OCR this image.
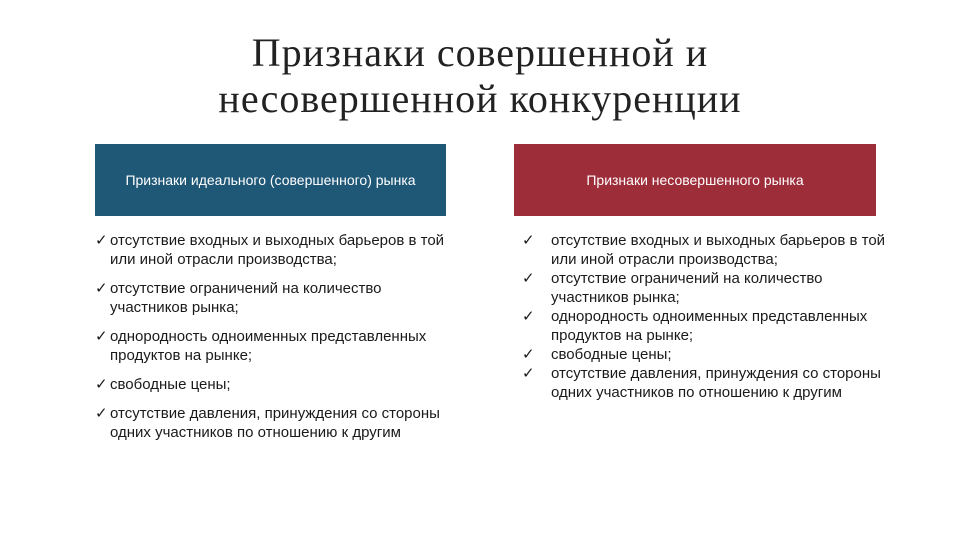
Признаки совершенной и
несовершенной конкуренции
Признаки идеального (совершенного) рынка	Признаки несовершенного рынка
✓ отсутствие входных и выходных барьеров в той или иной отрасли производства;
✓ отсутствие ограничений на количество участников рынка;
✓ однородность одноименных представленных продуктов на рынке;
✓ свободные цены;
✓ отсутствие давления, принуждения со стороны одних участников по отношению к другим
✓ отсутствие входных и выходных барьеров в той или иной отрасли производства;
✓ отсутствие ограничений на количество участников рынка;
✓ однородность одноименных представленных продуктов на рынке;
✓ свободные цены;
✓ отсутствие давления, принуждения со стороны одних участников по отношению к другим
